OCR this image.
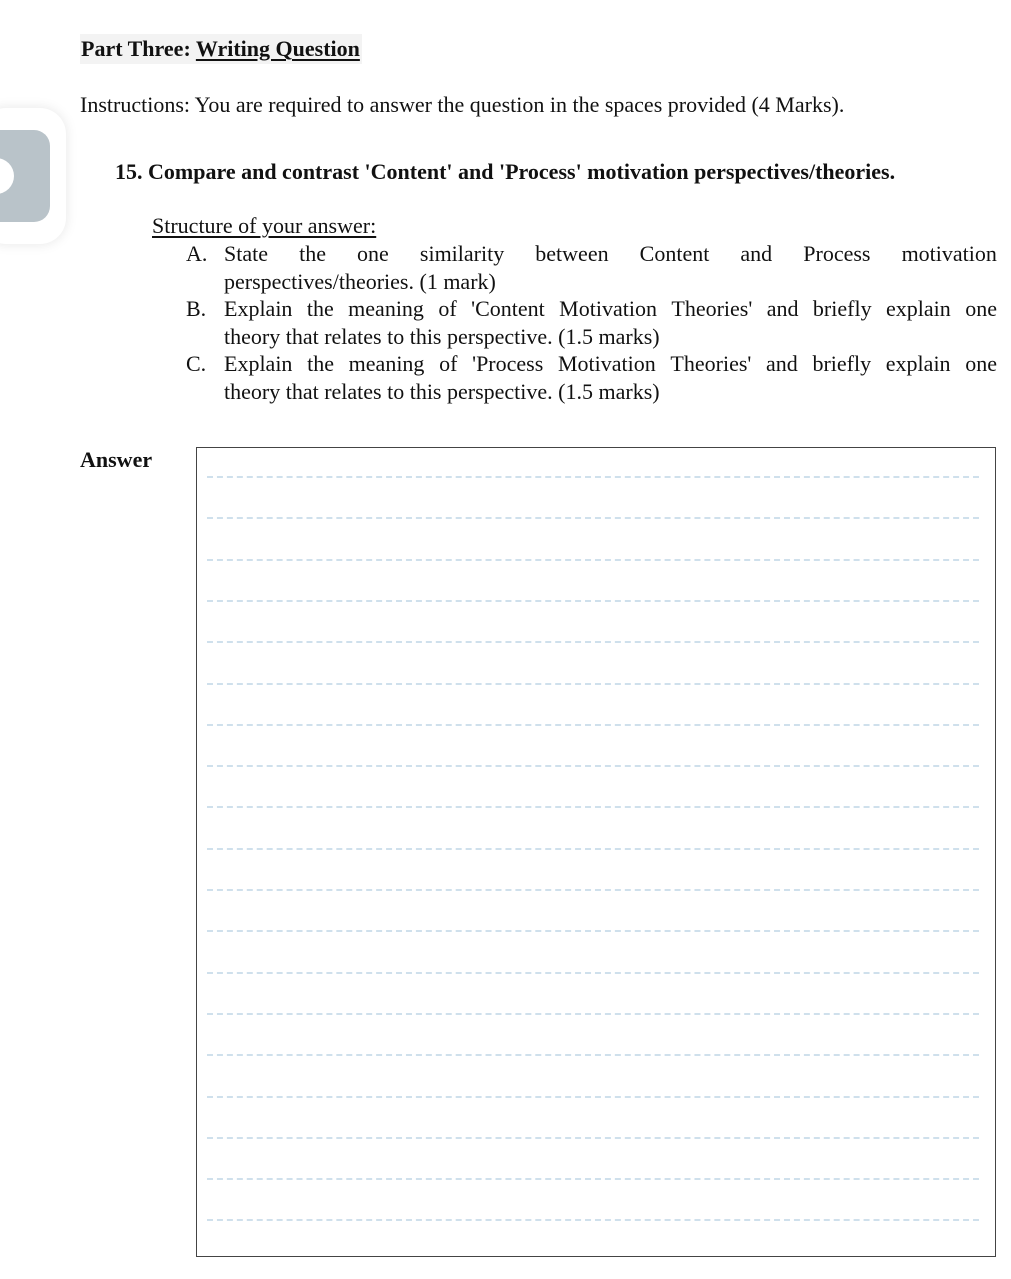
Part Three: Writing Question
Instructions: You are required to answer the question in the spaces provided (4 Marks).
15. Compare and contrast 'Content' and 'Process' motivation perspectives/theories.
Structure of your answer:
A. State the one similarity between Content and Process motivation
perspectives/theories. (1 mark)
B. Explain the meaning of 'Content Motivation Theories' and briefly explain one
theory that relates to this perspective. (1.5 marks)
C. Explain the meaning of 'Process Motivation Theories' and briefly explain one
theory that relates to this perspective. (1.5 marks)
Answer
